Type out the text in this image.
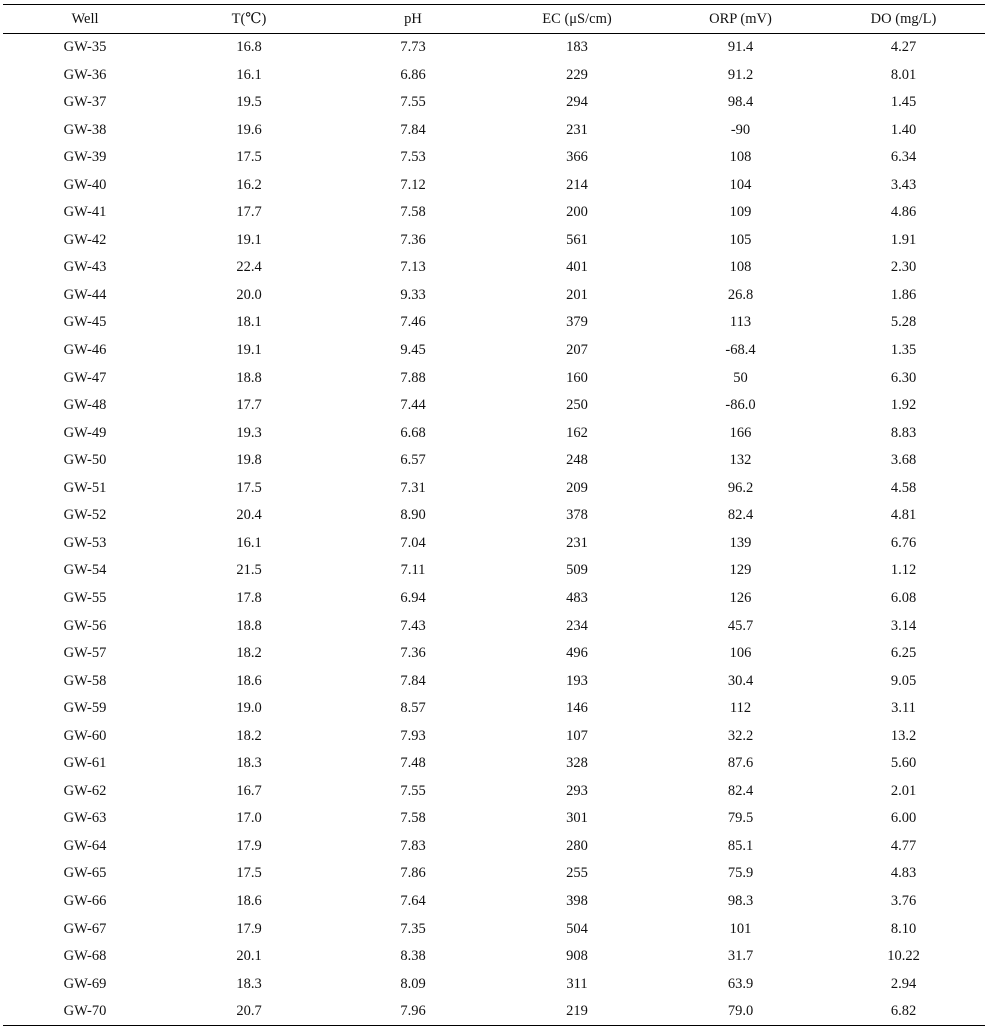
Well	T(℃)	pH	EC (μS/cm)	ORP (mV)	DO (mg/L)
GW-35	16.8	7.73	183	91.4	4.27
GW-36	16.1	6.86	229	91.2	8.01
GW-37	19.5	7.55	294	98.4	1.45
GW-38	19.6	7.84	231	-90	1.40
GW-39	17.5	7.53	366	108	6.34
GW-40	16.2	7.12	214	104	3.43
GW-41	17.7	7.58	200	109	4.86
GW-42	19.1	7.36	561	105	1.91
GW-43	22.4	7.13	401	108	2.30
GW-44	20.0	9.33	201	26.8	1.86
GW-45	18.1	7.46	379	113	5.28
GW-46	19.1	9.45	207	-68.4	1.35
GW-47	18.8	7.88	160	50	6.30
GW-48	17.7	7.44	250	-86.0	1.92
GW-49	19.3	6.68	162	166	8.83
GW-50	19.8	6.57	248	132	3.68
GW-51	17.5	7.31	209	96.2	4.58
GW-52	20.4	8.90	378	82.4	4.81
GW-53	16.1	7.04	231	139	6.76
GW-54	21.5	7.11	509	129	1.12
GW-55	17.8	6.94	483	126	6.08
GW-56	18.8	7.43	234	45.7	3.14
GW-57	18.2	7.36	496	106	6.25
GW-58	18.6	7.84	193	30.4	9.05
GW-59	19.0	8.57	146	112	3.11
GW-60	18.2	7.93	107	32.2	13.2
GW-61	18.3	7.48	328	87.6	5.60
GW-62	16.7	7.55	293	82.4	2.01
GW-63	17.0	7.58	301	79.5	6.00
GW-64	17.9	7.83	280	85.1	4.77
GW-65	17.5	7.86	255	75.9	4.83
GW-66	18.6	7.64	398	98.3	3.76
GW-67	17.9	7.35	504	101	8.10
GW-68	20.1	8.38	908	31.7	10.22
GW-69	18.3	8.09	311	63.9	2.94
GW-70	20.7	7.96	219	79.0	6.82
